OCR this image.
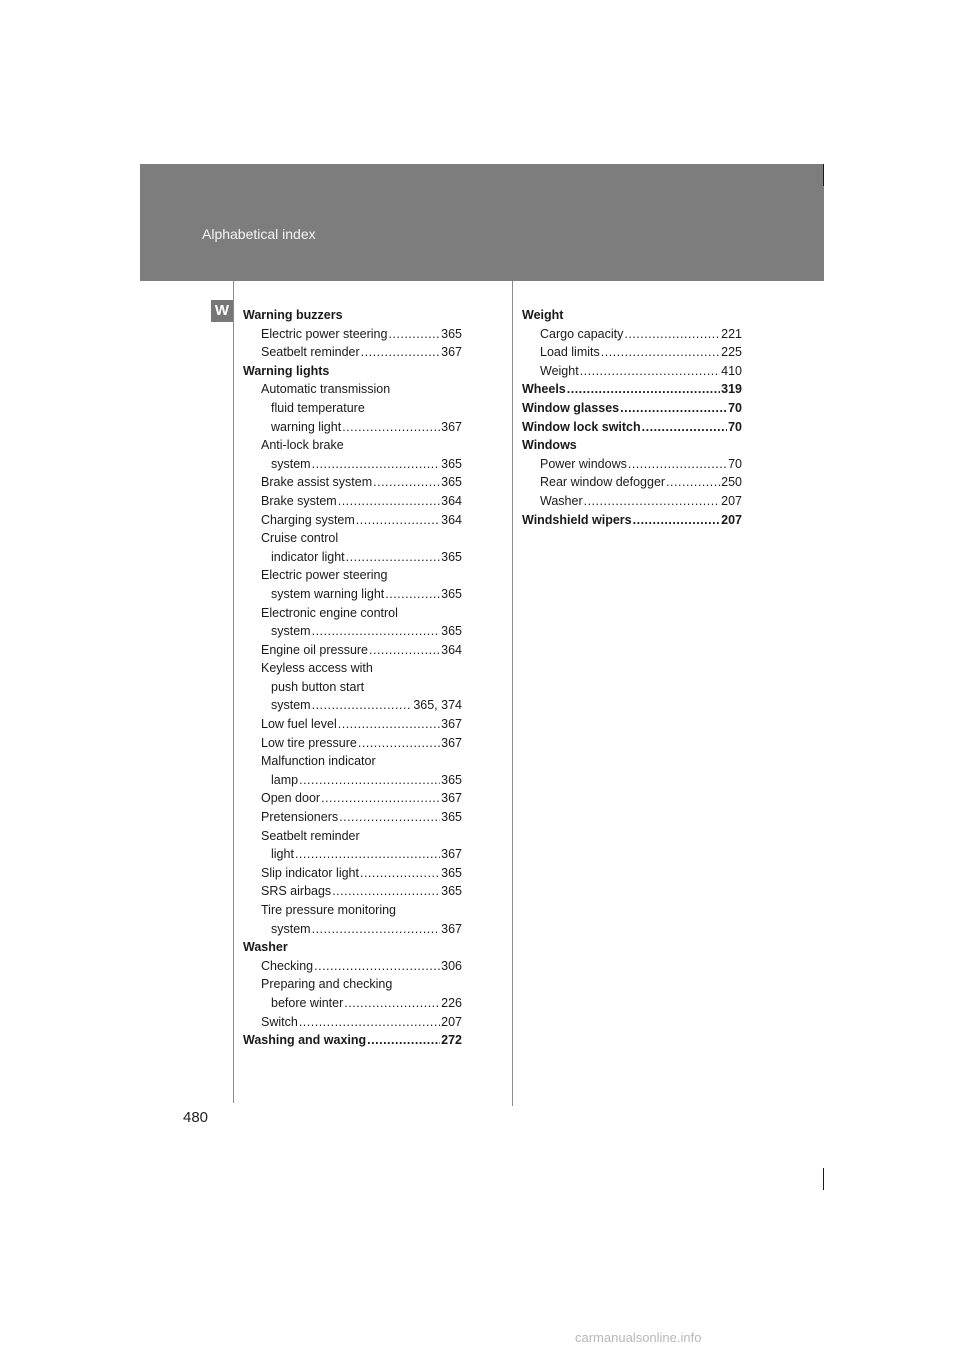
Alphabetical index
W	Warning buzzers
Electric power steering .....	365
Seatbelt reminder .....	367
Warning lights
Automatic transmission
fluid temperature
warning light .....	367
Anti-lock brake
system .....	365
Brake assist system .....	365
Brake system .....	364
Charging system .....	364
Cruise control
indicator light .....	365
Electric power steering
system warning light .....	365
Electronic engine control
system .....	365
Engine oil pressure .....	364
Keyless access with
push button start
system .....	365, 374
Low fuel level .....	367
Low tire pressure .....	367
Malfunction indicator
lamp .....	365
Open door .....	367
Pretensioners .....	365
Seatbelt reminder
light .....	367
Slip indicator light .....	365
SRS airbags .....	365
Tire pressure monitoring
system .....	367
Washer
Checking .....	306
Preparing and checking
before winter .....	226
Switch .....	207
Washing and waxing .....	272
Weight
Cargo capacity .....	221
Load limits .....	225
Weight .....	410
Wheels .....	319
Window glasses .....	70
Window lock switch .....	70
Windows
Power windows .....	70
Rear window defogger .....	250
Washer .....	207
Windshield wipers .....	207
480
carmanualsonline.info
